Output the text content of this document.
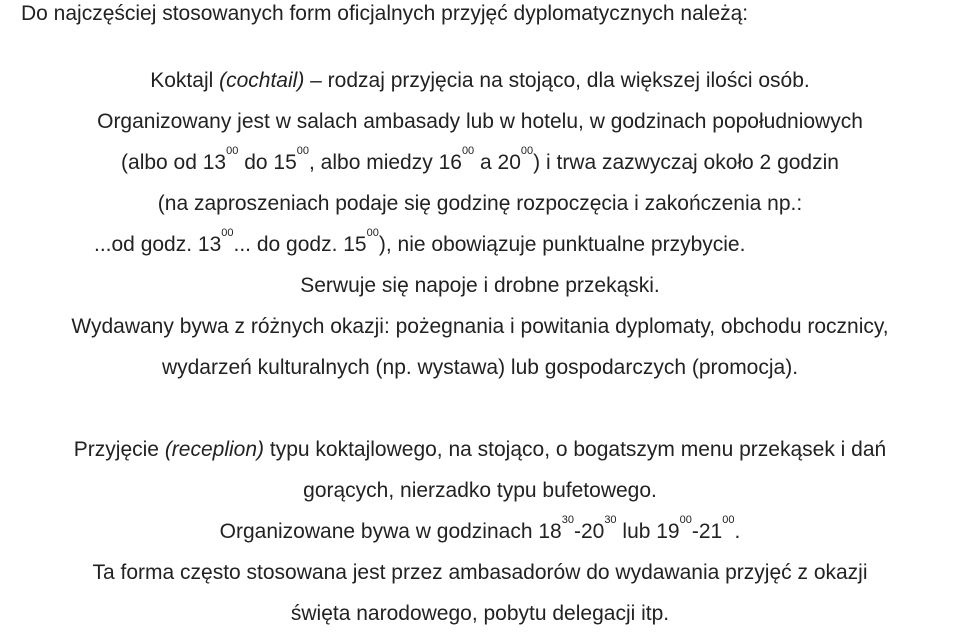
Do najczęściej stosowanych form oficjalnych przyjęć dyplomatycznych należą:
Koktajl (cochtail) – rodzaj przyjęcia na stojąco, dla większej ilości osób.
Organizowany jest w salach ambasady lub w hotelu, w godzinach popołudniowych
(albo od $13^{00}$ do $15^{00}$, albo miedzy $16^{00}$ a $20^{00}$) i trwa zazwyczaj około 2 godzin
(na zaproszeniach podaje się godzinę rozpoczęcia i zakończenia np.:
...od godz. $13^{00}$... do godz. $15^{00}$), nie obowiązuje punktualne przybycie.
Serwuje się napoje i drobne przekąski.
Wydawany bywa z różnych okazji: pożegnania i powitania dyplomaty, obchodu rocznicy,
wydarzeń kulturalnych (np. wystawa) lub gospodarczych (promocja).
Przyjęcie (receplion) typu koktajlowego, na stojąco, o bogatszym menu przekąsek i dań
gorących, nierzadko typu bufetowego.
Organizowane bywa w godzinach $18^{30}-20^{30}$ lub $19^{00}-21^{00}$.
Ta forma często stosowana jest przez ambasadorów do wydawania przyjęć z okazji
święta narodowego, pobytu delegacji itp.
